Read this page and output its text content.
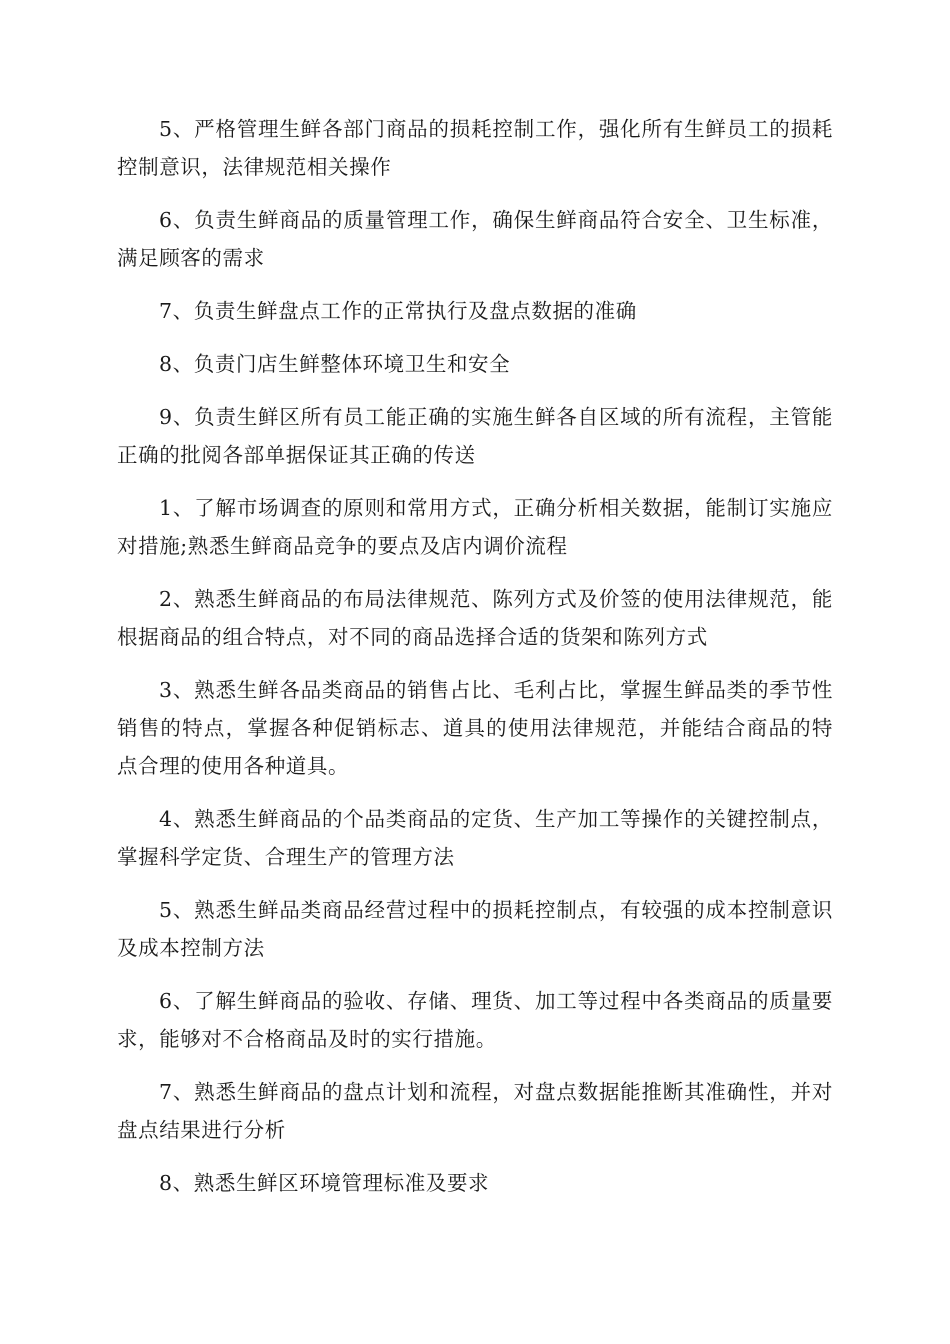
5、严格管理生鲜各部门商品的损耗控制工作，强化所有生鲜员工的损耗控制意识，法律规范相关操作

6、负责生鲜商品的质量管理工作，确保生鲜商品符合安全、卫生标准，满足顾客的需求

7、负责生鲜盘点工作的正常执行及盘点数据的准确

8、负责门店生鲜整体环境卫生和安全

9、负责生鲜区所有员工能正确的实施生鲜各自区域的所有流程，主管能正确的批阅各部单据保证其正确的传送

1、了解市场调查的原则和常用方式，正确分析相关数据，能制订实施应对措施;熟悉生鲜商品竞争的要点及店内调价流程

2、熟悉生鲜商品的布局法律规范、陈列方式及价签的使用法律规范，能根据商品的组合特点，对不同的商品选择合适的货架和陈列方式

3、熟悉生鲜各品类商品的销售占比、毛利占比，掌握生鲜品类的季节性销售的特点，掌握各种促销标志、道具的使用法律规范，并能结合商品的特点合理的使用各种道具。

4、熟悉生鲜商品的个品类商品的定货、生产加工等操作的关键控制点，掌握科学定货、合理生产的管理方法

5、熟悉生鲜品类商品经营过程中的损耗控制点，有较强的成本控制意识及成本控制方法

6、了解生鲜商品的验收、存储、理货、加工等过程中各类商品的质量要求，能够对不合格商品及时的实行措施。

7、熟悉生鲜商品的盘点计划和流程，对盘点数据能推断其准确性，并对盘点结果进行分析

8、熟悉生鲜区环境管理标准及要求
